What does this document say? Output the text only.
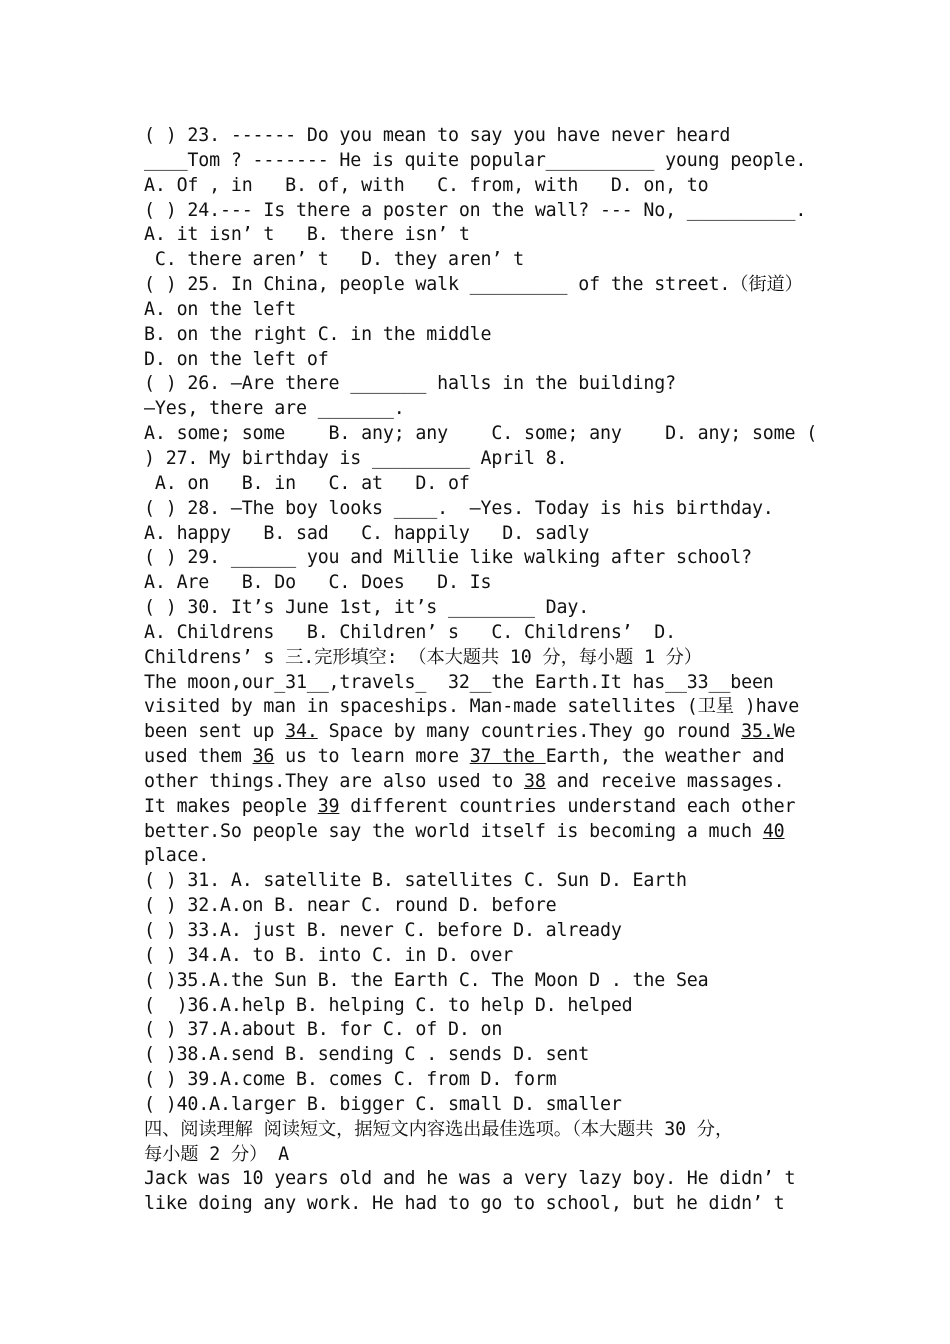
( ) 23. ------ Do you mean to say you have never heard
____Tom ? ------- He is quite popular__________ young people.
A. Of , in   B. of, with   C. from, with   D. on, to
( ) 24.--- Is there a poster on the wall? --- No, __________.
A. it isn’ t   B. there isn’ t
C. there aren’ t   D. they aren’ t
( ) 25. In China, people walk _________ of the street.（街道）
A. on the left
B. on the right C. in the middle
D. on the left of
( ) 26. —Are there _______ halls in the building?
—Yes, there are _______.
A. some; some    B. any; any    C. some; any    D. any; some (
) 27. My birthday is _________ April 8.
A. on   B. in   C. at   D. of
( ) 28. —The boy looks ____.  —Yes. Today is his birthday.
A. happy   B. sad   C. happily   D. sadly
( ) 29. ______ you and Millie like walking after school?
A. Are   B. Do   C. Does   D. Is
( ) 30. It’s June 1st, it’s ________ Day.
A. Childrens   B. Children’ s   C. Childrens’  D.
Childrens’ s 三.完形填空: （本大题共 10 分，每小题 1 分）
The moon,our_31__,travels_  32__the Earth.It has__33__been
visited by man in spaceships. Man-made satellites (卫星 )have
been sent up 34. Space by many countries.They go round 35.We
used them 36 us to learn more 37 the Earth, the weather and
other things.They are also used to 38 and receive massages.
It makes people 39 different countries understand each other
better.So people say the world itself is becoming a much 40
place.
( ) 31. A. satellite B. satellites C. Sun D. Earth
( ) 32.A.on B. near C. round D. before
( ) 33.A. just B. never C. before D. already
( ) 34.A. to B. into C. in D. over
( )35.A.the Sun B. the Earth C. The Moon D . the Sea
(  )36.A.help B. helping C. to help D. helped
( ) 37.A.about B. for C. of D. on
( )38.A.send B. sending C . sends D. sent
( ) 39.A.come B. comes C. from D. form
( )40.A.larger B. bigger C. small D. smaller
四、阅读理解 阅读短文，据短文内容选出最佳选项。（本大题共 30 分，
每小题 2 分） A
Jack was 10 years old and he was a very lazy boy. He didn’ t
like doing any work. He had to go to school, but he didn’ t
